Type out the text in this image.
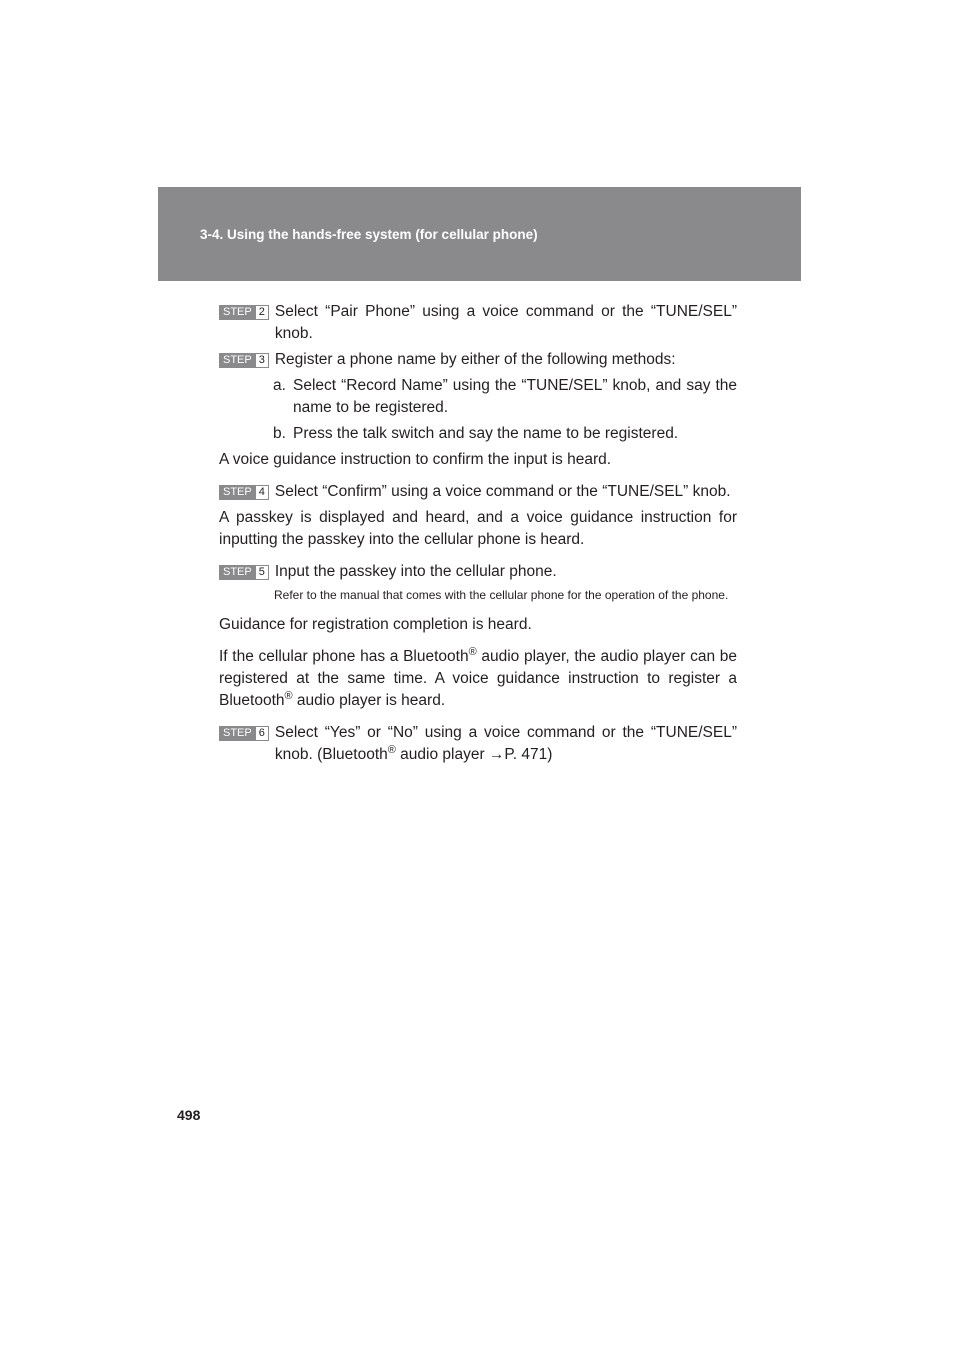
3-4. Using the hands-free system (for cellular phone)
STEP 2 Select “Pair Phone” using a voice command or the “TUNE/SEL” knob.
STEP 3 Register a phone name by either of the following methods:
a. Select “Record Name” using the “TUNE/SEL” knob, and say the name to be registered.
b. Press the talk switch and say the name to be registered.

A voice guidance instruction to confirm the input is heard.

STEP 4 Select “Confirm” using a voice command or the “TUNE/SEL” knob.

A passkey is displayed and heard, and a voice guidance instruction for inputting the passkey into the cellular phone is heard.

STEP 5 Input the passkey into the cellular phone.
Refer to the manual that comes with the cellular phone for the operation of the phone.

Guidance for registration completion is heard.

If the cellular phone has a Bluetooth® audio player, the audio player can be registered at the same time. A voice guidance instruction to register a Bluetooth® audio player is heard.

STEP 6 Select “Yes” or “No” using a voice command or the “TUNE/SEL” knob. (Bluetooth® audio player →P. 471)
498
